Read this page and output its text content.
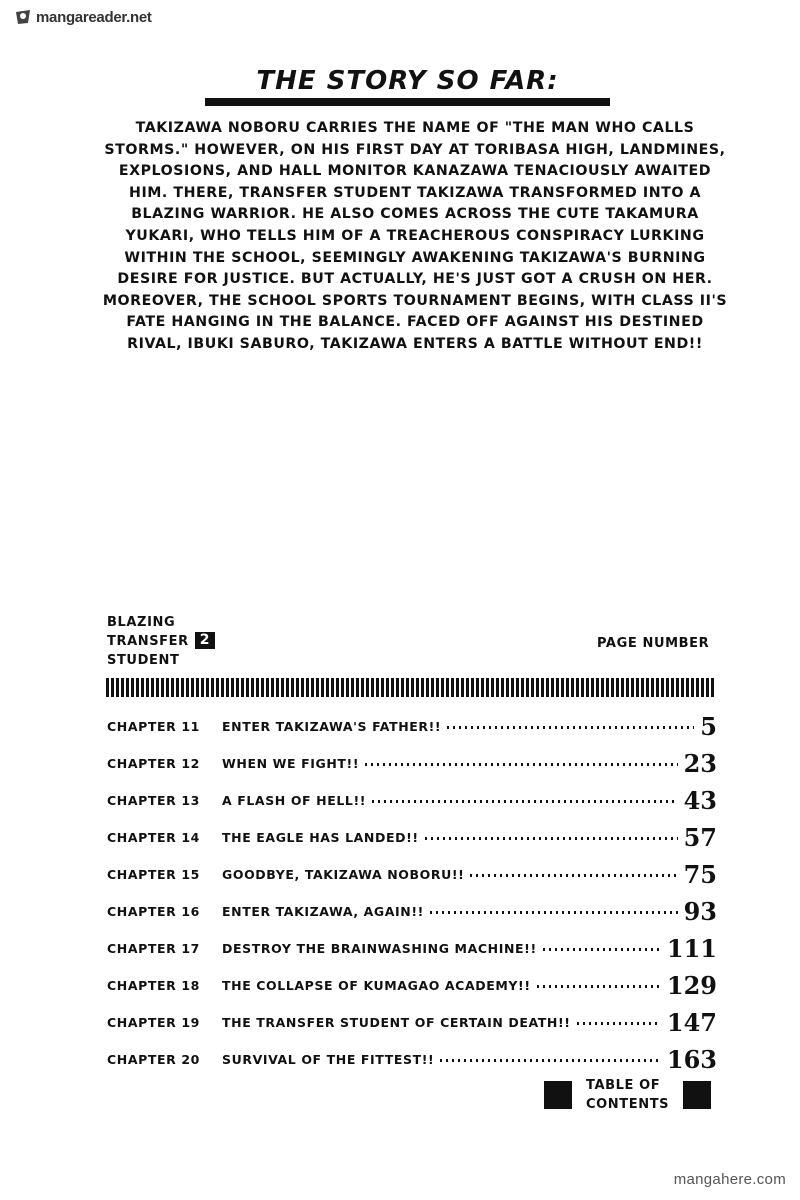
mangareader.net
THE STORY SO FAR:
TAKIZAWA NOBORU CARRIES THE NAME OF "THE MAN WHO CALLS
STORMS." HOWEVER, ON HIS FIRST DAY AT TORIBASA HIGH, LANDMINES,
EXPLOSIONS, AND HALL MONITOR KANAZAWA TENACIOUSLY AWAITED
HIM. THERE, TRANSFER STUDENT TAKIZAWA TRANSFORMED INTO A
BLAZING WARRIOR. HE ALSO COMES ACROSS THE CUTE TAKAMURA
YUKARI, WHO TELLS HIM OF A TREACHEROUS CONSPIRACY LURKING
WITHIN THE SCHOOL, SEEMINGLY AWAKENING TAKIZAWA'S BURNING
DESIRE FOR JUSTICE. BUT ACTUALLY, HE'S JUST GOT A CRUSH ON HER.
MOREOVER, THE SCHOOL SPORTS TOURNAMENT BEGINS, WITH CLASS II'S
FATE HANGING IN THE BALANCE. FACED OFF AGAINST HIS DESTINED
RIVAL, IBUKI SABURO, TAKIZAWA ENTERS A BATTLE WITHOUT END!!
BLAZING
TRANSFER 2
STUDENT
PAGE NUMBER
CHAPTER 11	ENTER TAKIZAWA'S FATHER!!	5
CHAPTER 12	WHEN WE FIGHT!!	23
CHAPTER 13	A FLASH OF HELL!!	43
CHAPTER 14	THE EAGLE HAS LANDED!!	57
CHAPTER 15	GOODBYE, TAKIZAWA NOBORU!!	75
CHAPTER 16	ENTER TAKIZAWA, AGAIN!!	93
CHAPTER 17	DESTROY THE BRAINWASHING MACHINE!!	111
CHAPTER 18	THE COLLAPSE OF KUMAGAO ACADEMY!!	129
CHAPTER 19	THE TRANSFER STUDENT OF CERTAIN DEATH!!	147
CHAPTER 20	SURVIVAL OF THE FITTEST!!	163
TABLE OF
CONTENTS
mangahere.com
